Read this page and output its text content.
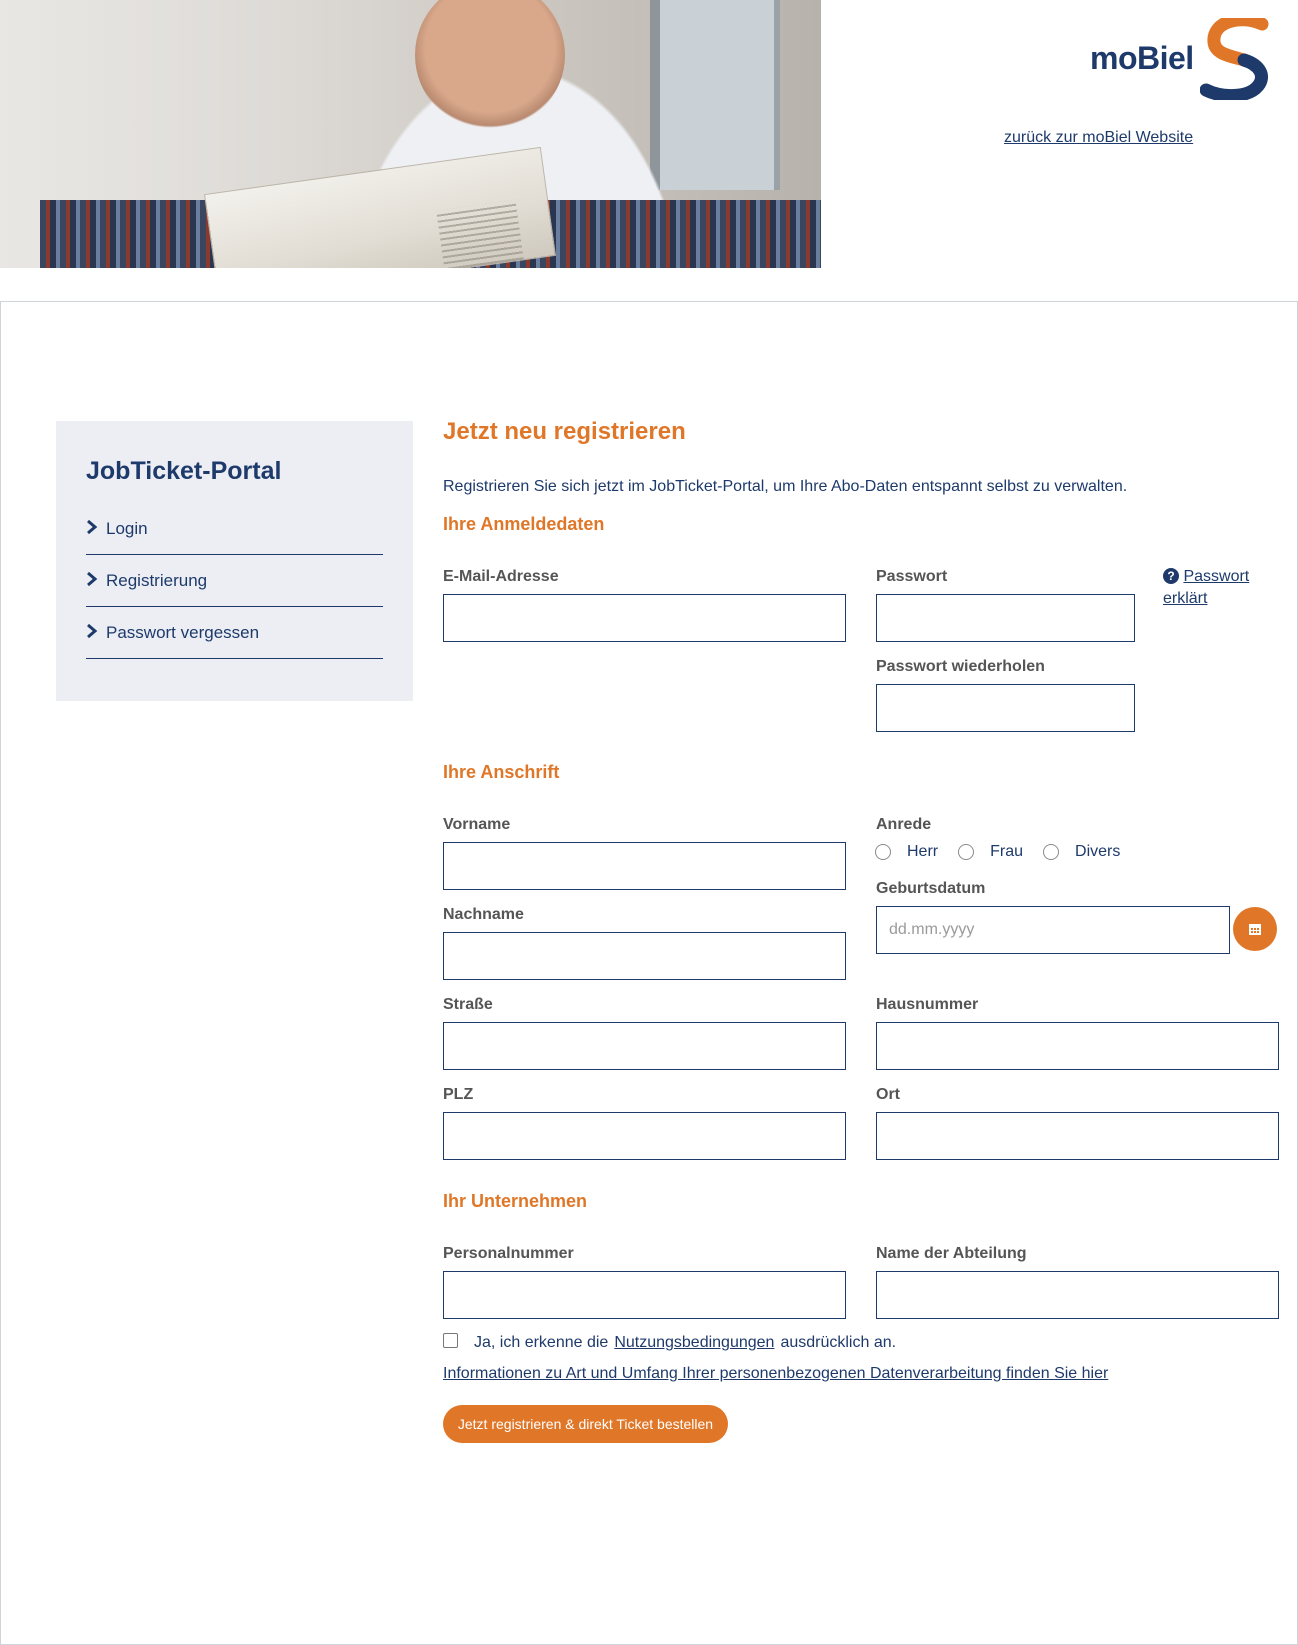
moBiel
zurück zur moBiel Website
JobTicket-Portal
Login
Registrierung
Passwort vergessen
Jetzt neu registrieren

Registrieren Sie sich jetzt im JobTicket-Portal, um Ihre Abo-Daten entspannt selbst zu verwalten.

Ihre Anmeldedaten
E-Mail-Adresse	Passwort	? Passwort erklärt
Passwort wiederholen
Ihre Anschrift
Vorname	Anrede
Herr	Frau	Divers
Geburtsdatum
dd.mm.yyyy
Nachname
Straße	Hausnummer
PLZ	Ort
Ihr Unternehmen
Personalnummer	Name der Abteilung
Ja, ich erkenne die Nutzungsbedingungen ausdrücklich an.
Informationen zu Art und Umfang Ihrer personenbezogenen Datenverarbeitung finden Sie hier
Jetzt registrieren & direkt Ticket bestellen
